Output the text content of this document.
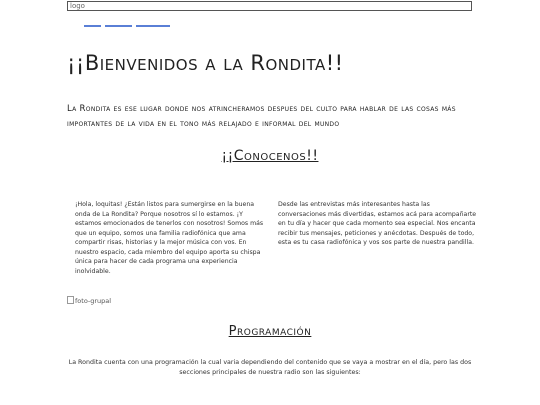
logo
¡¡Bienvenidos a la Rondita!!

La Rondita es ese lugar donde nos atrincheramos despues del culto para hablar de las cosas más importantes de la vida en el tono más relajado e informal del mundo

¡¡Conocenos!!

¡Hola, loquitas! ¿Están listos para sumergirse en la buena onda de La Rondita? Porque nosotros sí lo estamos. ¡Y estamos emocionados de tenerlos con nosotros! Somos más que un equipo, somos una familia radiofónica que ama compartir risas, historias y la mejor música con vos. En nuestro espacio, cada miembro del equipo aporta su chispa única para hacer de cada programa una experiencia inolvidable.

Desde las entrevistas más interesantes hasta las conversaciones más divertidas, estamos acá para acompañarte en tu día y hacer que cada momento sea especial. Nos encanta recibir tus mensajes, peticiones y anécdotas. Después de todo, esta es tu casa radiofónica y vos sos parte de nuestra pandilla.

foto-grupal
Programación

La Rondita cuenta con una programación la cual varia dependiendo del contenido que se vaya a mostrar en el día, pero las dos secciones principales de nuestra radio son las siguientes:
